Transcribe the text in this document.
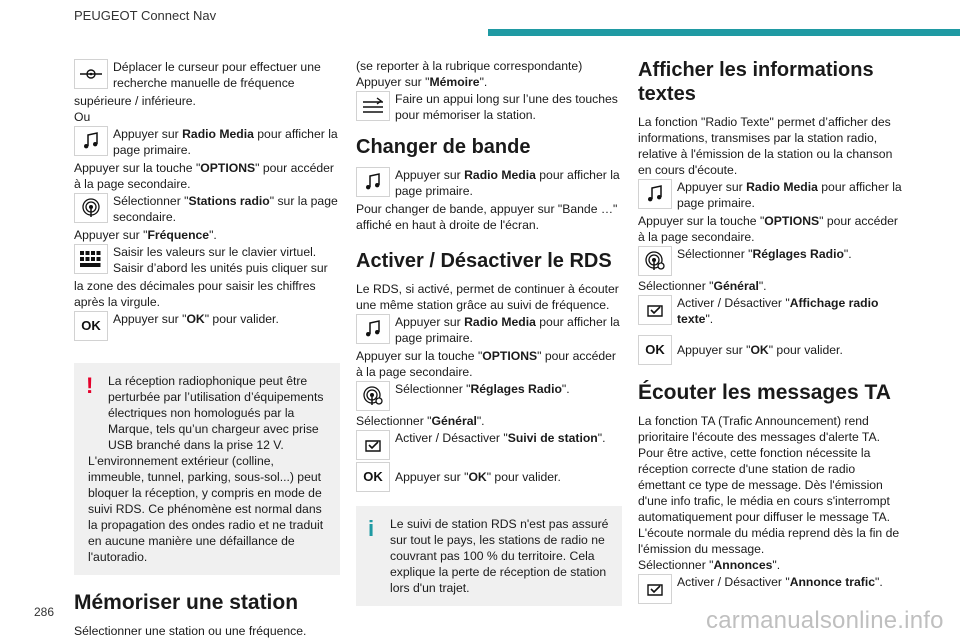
PEUGEOT Connect Nav
Déplacer le curseur pour effectuer une recherche manuelle de fréquence

supérieure / inférieure.

Ou

Appuyer sur Radio Media pour afficher la page primaire.

Appuyer sur la touche "OPTIONS" pour accéder à la page secondaire.

Sélectionner "Stations radio" sur la page secondaire.

Appuyer sur "Fréquence".

Saisir les valeurs sur le clavier virtuel. Saisir d’abord les unités puis cliquer sur

la zone des décimales pour saisir les chiffres après la virgule.

OK	Appuyer sur "OK" pour valider.
!	La réception radiophonique peut être perturbée par l’utilisation d’équipements électriques non homologués par la Marque, tels qu’un chargeur avec prise USB branché dans la prise 12 V.
L'environnement extérieur (colline, immeuble, tunnel, parking, sous-sol...) peut bloquer la réception, y compris en mode de suivi RDS. Ce phénomène est normal dans la propagation des ondes radio et ne traduit en aucune manière une défaillance de l'autoradio.
Mémoriser une station

Sélectionner une station ou une fréquence.

(se reporter à la rubrique correspondante)

Appuyer sur "Mémoire".

Faire un appui long sur l’une des touches pour mémoriser la station.
Changer de bande
Appuyer sur Radio Media pour afficher la page primaire.

Pour changer de bande, appuyer sur "Bande …" affiché en haut à droite de l'écran.

Activer / Désactiver le RDS

Le RDS, si activé, permet de continuer à écouter une même station grâce au suivi de fréquence.

Appuyer sur Radio Media pour afficher la page primaire.

Appuyer sur la touche "OPTIONS" pour accéder à la page secondaire.

Sélectionner "Réglages Radio".

Sélectionner "Général".

Activer / Désactiver "Suivi de station".
OK	Appuyer sur "OK" pour valider.
i	Le suivi de station RDS n'est pas assuré sur tout le pays, les stations de radio ne couvrant pas 100 % du territoire. Cela explique la perte de réception de station lors d'un trajet.
Afficher les informations textes

La fonction "Radio Texte" permet d’afficher des informations, transmises par la station radio, relative à l'émission de la station ou la chanson en cours d'écoute.

Appuyer sur Radio Media pour afficher la page primaire.

Appuyer sur la touche "OPTIONS" pour accéder à la page secondaire.

Sélectionner "Réglages Radio".

Sélectionner "Général".

Activer / Désactiver "Affichage radio texte".
OK	Appuyer sur "OK" pour valider.
Écouter les messages TA

La fonction TA (Trafic Announcement) rend prioritaire l'écoute des messages d'alerte TA. Pour être active, cette fonction nécessite la réception correcte d'une station de radio émettant ce type de message. Dès l'émission d'une info trafic, le média en cours s'interrompt automatiquement pour diffuser le message TA. L'écoute normale du média reprend dès la fin de l'émission du message.

Sélectionner "Annonces".

Activer / Désactiver "Annonce trafic".
286	carmanualsonline.info
